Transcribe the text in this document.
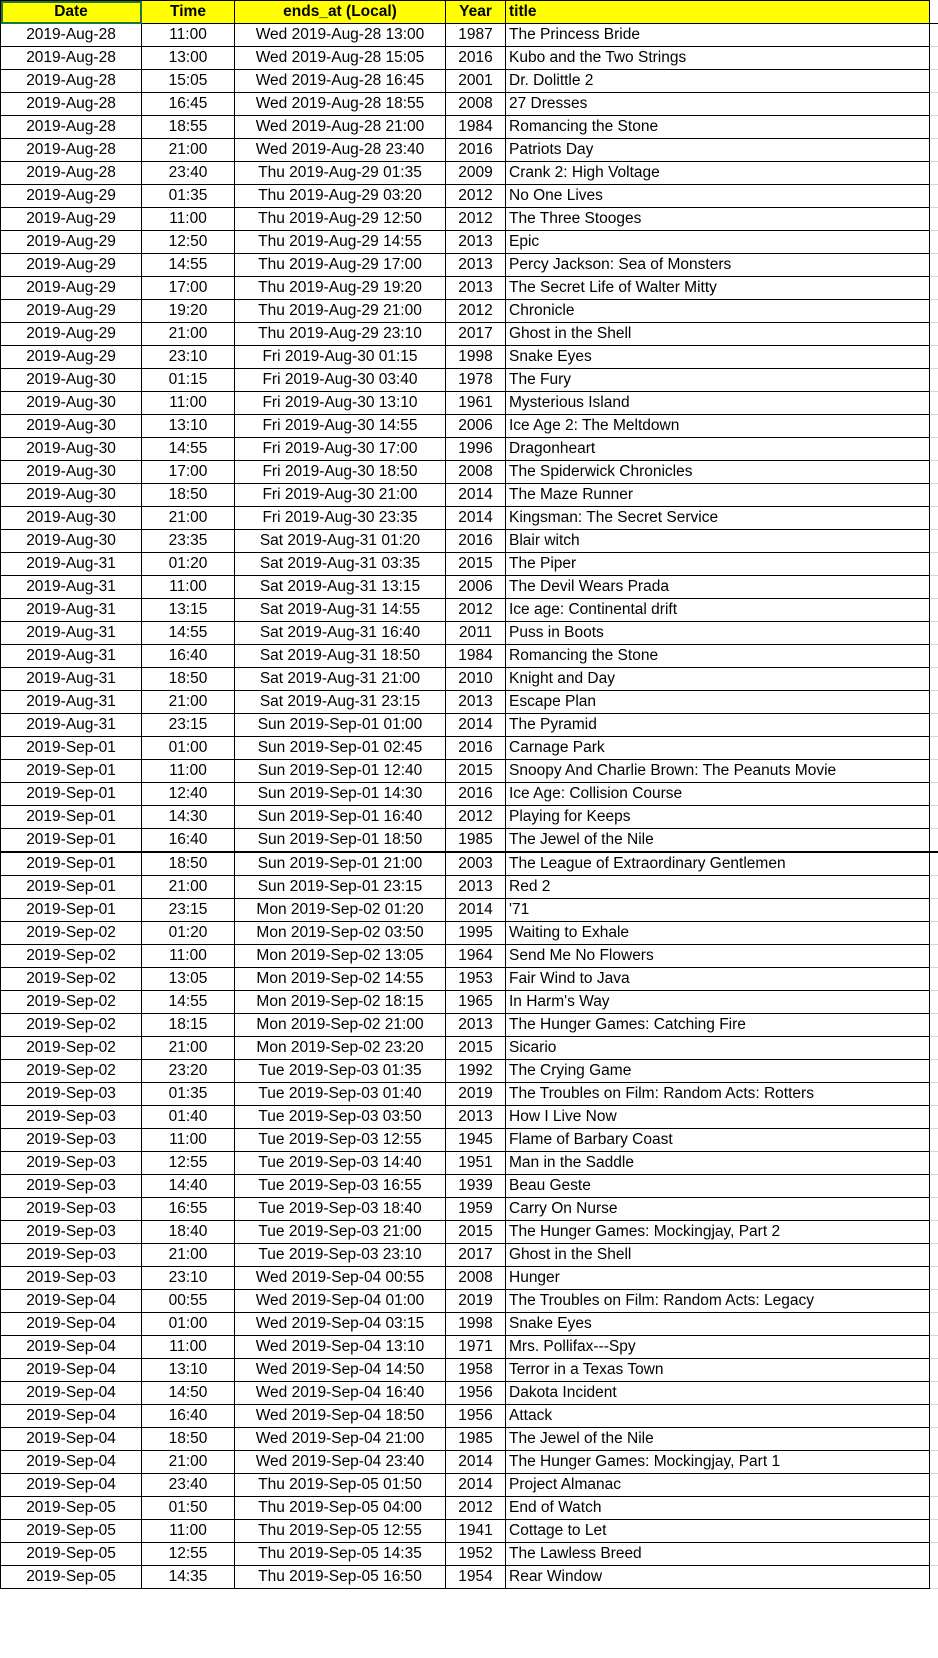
Date	Time	ends_at (Local)	Year	title	
2019-Aug-28	11:00	Wed 2019-Aug-28 13:00	1987	The Princess Bride	
2019-Aug-28	13:00	Wed 2019-Aug-28 15:05	2016	Kubo and the Two Strings	
2019-Aug-28	15:05	Wed 2019-Aug-28 16:45	2001	Dr. Dolittle 2	
2019-Aug-28	16:45	Wed 2019-Aug-28 18:55	2008	27 Dresses	
2019-Aug-28	18:55	Wed 2019-Aug-28 21:00	1984	Romancing the Stone	
2019-Aug-28	21:00	Wed 2019-Aug-28 23:40	2016	Patriots Day	
2019-Aug-28	23:40	Thu 2019-Aug-29 01:35	2009	Crank 2: High Voltage	
2019-Aug-29	01:35	Thu 2019-Aug-29 03:20	2012	No One Lives	
2019-Aug-29	11:00	Thu 2019-Aug-29 12:50	2012	The Three Stooges	
2019-Aug-29	12:50	Thu 2019-Aug-29 14:55	2013	Epic	
2019-Aug-29	14:55	Thu 2019-Aug-29 17:00	2013	Percy Jackson: Sea of Monsters	
2019-Aug-29	17:00	Thu 2019-Aug-29 19:20	2013	The Secret Life of Walter Mitty	
2019-Aug-29	19:20	Thu 2019-Aug-29 21:00	2012	Chronicle	
2019-Aug-29	21:00	Thu 2019-Aug-29 23:10	2017	Ghost in the Shell	
2019-Aug-29	23:10	Fri 2019-Aug-30 01:15	1998	Snake Eyes	
2019-Aug-30	01:15	Fri 2019-Aug-30 03:40	1978	The Fury	
2019-Aug-30	11:00	Fri 2019-Aug-30 13:10	1961	Mysterious Island	
2019-Aug-30	13:10	Fri 2019-Aug-30 14:55	2006	Ice Age 2: The Meltdown	
2019-Aug-30	14:55	Fri 2019-Aug-30 17:00	1996	Dragonheart	
2019-Aug-30	17:00	Fri 2019-Aug-30 18:50	2008	The Spiderwick Chronicles	
2019-Aug-30	18:50	Fri 2019-Aug-30 21:00	2014	The Maze Runner	
2019-Aug-30	21:00	Fri 2019-Aug-30 23:35	2014	Kingsman: The Secret Service	
2019-Aug-30	23:35	Sat 2019-Aug-31 01:20	2016	Blair witch	
2019-Aug-31	01:20	Sat 2019-Aug-31 03:35	2015	The Piper	
2019-Aug-31	11:00	Sat 2019-Aug-31 13:15	2006	The Devil Wears Prada	
2019-Aug-31	13:15	Sat 2019-Aug-31 14:55	2012	Ice age: Continental drift	
2019-Aug-31	14:55	Sat 2019-Aug-31 16:40	2011	Puss in Boots	
2019-Aug-31	16:40	Sat 2019-Aug-31 18:50	1984	Romancing the Stone	
2019-Aug-31	18:50	Sat 2019-Aug-31 21:00	2010	Knight and Day	
2019-Aug-31	21:00	Sat 2019-Aug-31 23:15	2013	Escape Plan	
2019-Aug-31	23:15	Sun 2019-Sep-01 01:00	2014	The Pyramid	
2019-Sep-01	01:00	Sun 2019-Sep-01 02:45	2016	Carnage Park	
2019-Sep-01	11:00	Sun 2019-Sep-01 12:40	2015	Snoopy And Charlie Brown: The Peanuts Movie	
2019-Sep-01	12:40	Sun 2019-Sep-01 14:30	2016	Ice Age: Collision Course	
2019-Sep-01	14:30	Sun 2019-Sep-01 16:40	2012	Playing for Keeps	
2019-Sep-01	16:40	Sun 2019-Sep-01 18:50	1985	The Jewel of the Nile	
2019-Sep-01	18:50	Sun 2019-Sep-01 21:00	2003	The League of Extraordinary Gentlemen	
2019-Sep-01	21:00	Sun 2019-Sep-01 23:15	2013	Red 2	
2019-Sep-01	23:15	Mon 2019-Sep-02 01:20	2014	'71	
2019-Sep-02	01:20	Mon 2019-Sep-02 03:50	1995	Waiting to Exhale	
2019-Sep-02	11:00	Mon 2019-Sep-02 13:05	1964	Send Me No Flowers	
2019-Sep-02	13:05	Mon 2019-Sep-02 14:55	1953	Fair Wind to Java	
2019-Sep-02	14:55	Mon 2019-Sep-02 18:15	1965	In Harm's Way	
2019-Sep-02	18:15	Mon 2019-Sep-02 21:00	2013	The Hunger Games: Catching Fire	
2019-Sep-02	21:00	Mon 2019-Sep-02 23:20	2015	Sicario	
2019-Sep-02	23:20	Tue 2019-Sep-03 01:35	1992	The Crying Game	
2019-Sep-03	01:35	Tue 2019-Sep-03 01:40	2019	The Troubles on Film: Random Acts: Rotters	
2019-Sep-03	01:40	Tue 2019-Sep-03 03:50	2013	How I Live Now	
2019-Sep-03	11:00	Tue 2019-Sep-03 12:55	1945	Flame of Barbary Coast	
2019-Sep-03	12:55	Tue 2019-Sep-03 14:40	1951	Man in the Saddle	
2019-Sep-03	14:40	Tue 2019-Sep-03 16:55	1939	Beau Geste	
2019-Sep-03	16:55	Tue 2019-Sep-03 18:40	1959	Carry On Nurse	
2019-Sep-03	18:40	Tue 2019-Sep-03 21:00	2015	The Hunger Games: Mockingjay, Part 2	
2019-Sep-03	21:00	Tue 2019-Sep-03 23:10	2017	Ghost in the Shell	
2019-Sep-03	23:10	Wed 2019-Sep-04 00:55	2008	Hunger	
2019-Sep-04	00:55	Wed 2019-Sep-04 01:00	2019	The Troubles on Film: Random Acts: Legacy	
2019-Sep-04	01:00	Wed 2019-Sep-04 03:15	1998	Snake Eyes	
2019-Sep-04	11:00	Wed 2019-Sep-04 13:10	1971	Mrs. Pollifax---Spy	
2019-Sep-04	13:10	Wed 2019-Sep-04 14:50	1958	Terror in a Texas Town	
2019-Sep-04	14:50	Wed 2019-Sep-04 16:40	1956	Dakota Incident	
2019-Sep-04	16:40	Wed 2019-Sep-04 18:50	1956	Attack	
2019-Sep-04	18:50	Wed 2019-Sep-04 21:00	1985	The Jewel of the Nile	
2019-Sep-04	21:00	Wed 2019-Sep-04 23:40	2014	The Hunger Games: Mockingjay, Part 1	
2019-Sep-04	23:40	Thu 2019-Sep-05 01:50	2014	Project Almanac	
2019-Sep-05	01:50	Thu 2019-Sep-05 04:00	2012	End of Watch	
2019-Sep-05	11:00	Thu 2019-Sep-05 12:55	1941	Cottage to Let	
2019-Sep-05	12:55	Thu 2019-Sep-05 14:35	1952	The Lawless Breed	
2019-Sep-05	14:35	Thu 2019-Sep-05 16:50	1954	Rear Window	
